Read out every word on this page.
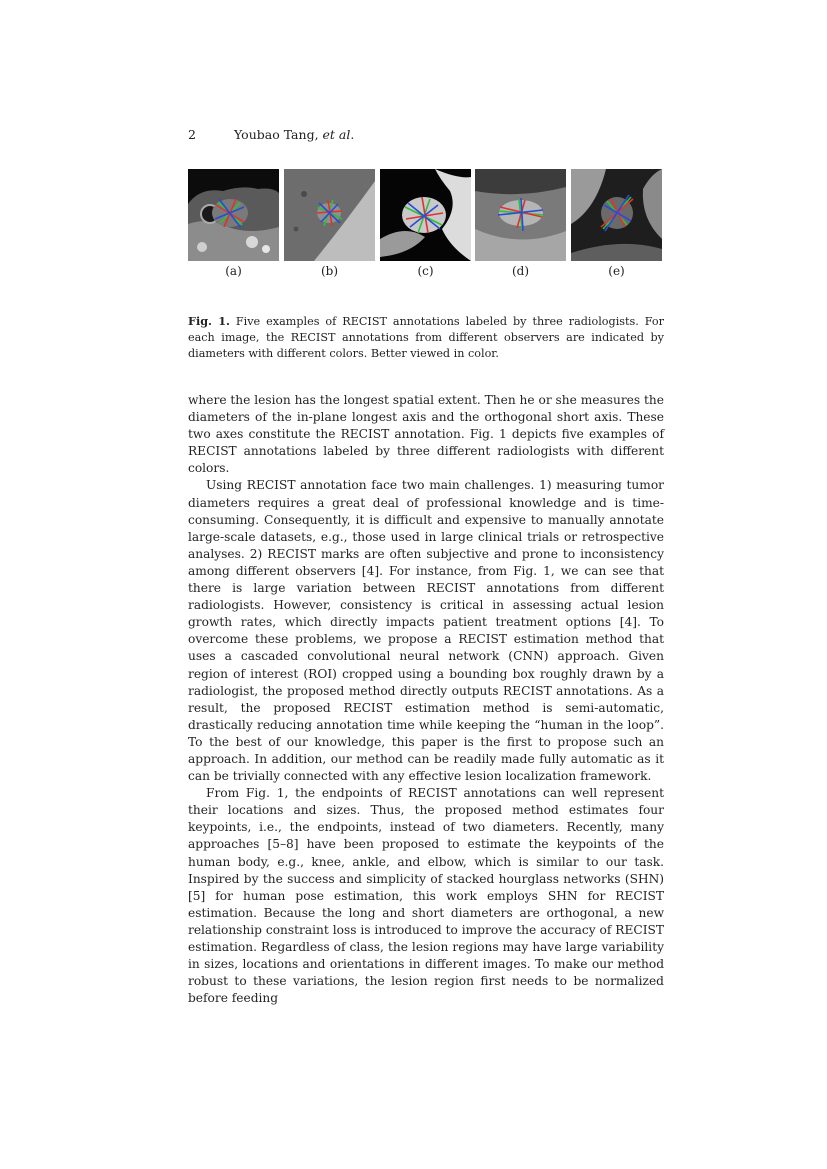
2	Youbao Tang, et al.
(a)	(b)	(c)	(d)	(e)
Fig. 1. Five examples of RECIST annotations labeled by three radiologists. For each image, the RECIST annotations from different observers are indicated by diameters with different colors. Better viewed in color.

where the lesion has the longest spatial extent. Then he or she measures the diameters of the in-plane longest axis and the orthogonal short axis. These two axes constitute the RECIST annotation. Fig. 1 depicts five examples of RECIST annotations labeled by three different radiologists with different colors.

Using RECIST annotation face two main challenges. 1) measuring tumor diameters requires a great deal of professional knowledge and is time-consuming. Consequently, it is difficult and expensive to manually annotate large-scale datasets, e.g., those used in large clinical trials or retrospective analyses. 2) RECIST marks are often subjective and prone to inconsistency among different observers [4]. For instance, from Fig. 1, we can see that there is large variation between RECIST annotations from different radiologists. However, consistency is critical in assessing actual lesion growth rates, which directly impacts patient treatment options [4]. To overcome these problems, we propose a RECIST estimation method that uses a cascaded convolutional neural network (CNN) approach. Given region of interest (ROI) cropped using a bounding box roughly drawn by a radiologist, the proposed method directly outputs RECIST annotations. As a result, the proposed RECIST estimation method is semi-automatic, drastically reducing annotation time while keeping the “human in the loop”. To the best of our knowledge, this paper is the first to propose such an approach. In addition, our method can be readily made fully automatic as it can be trivially connected with any effective lesion localization framework.

From Fig. 1, the endpoints of RECIST annotations can well represent their locations and sizes. Thus, the proposed method estimates four keypoints, i.e., the endpoints, instead of two diameters. Recently, many approaches [5–8] have been proposed to estimate the keypoints of the human body, e.g., knee, ankle, and elbow, which is similar to our task. Inspired by the success and simplicity of stacked hourglass networks (SHN) [5] for human pose estimation, this work employs SHN for RECIST estimation. Because the long and short diameters are orthogonal, a new relationship constraint loss is introduced to improve the accuracy of RECIST estimation. Regardless of class, the lesion regions may have large variability in sizes, locations and orientations in different images. To make our method robust to these variations, the lesion region first needs to be normalized before feeding
